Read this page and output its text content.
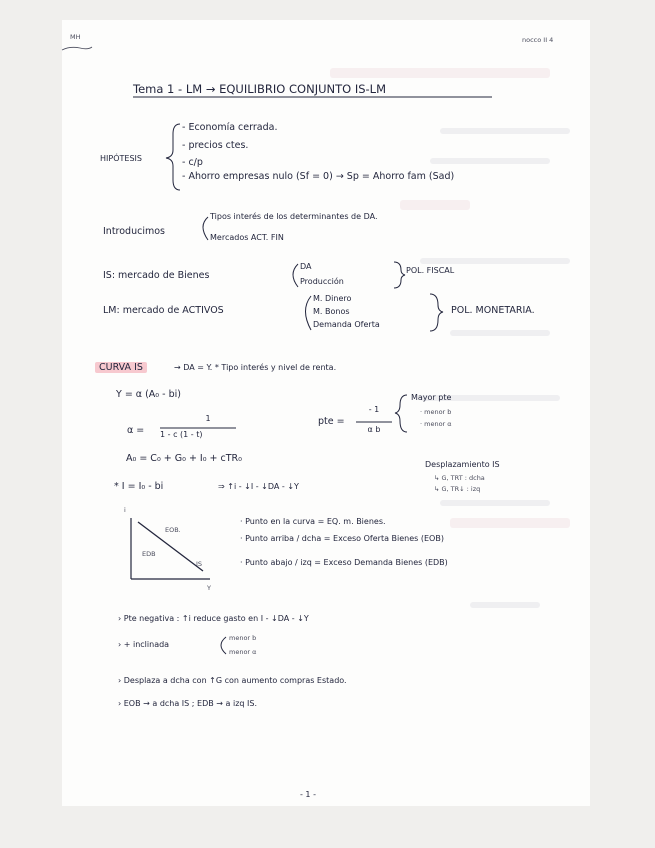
MH	nocco II 4
Tema 1 - LM → EQUILIBRIO CONJUNTO IS-LM
HIPÓTESIS
- Economía cerrada.
- precios ctes.
- c/p
- Ahorro empresas nulo (Sf = 0) → Sp = Ahorro fam (Sad)
Introducimos
Tipos interés de los determinantes de DA.
Mercados ACT. FIN
IS: mercado de Bienes
DA
Producción
POL. FISCAL
LM: mercado de ACTIVOS
M. Dinero
M. Bonos
Demanda Oferta
POL. MONETARIA.
CURVA IS	→ DA = Y. * Tipo interés y nivel de renta.
Y = α (A₀ - bi)
α =
1
1 - c (1 - t)
pte =
- 1
α b
Mayor pte
· menor b
· menor α
A₀ = C₀ + G₀ + I₀ + cTR₀
Desplazamiento IS
↳ G, TRT : dcha
↳ G, TR↓ : izq
* I = I₀ - bi	⇒ ↑i - ↓I - ↓DA - ↓Y
i
Y
EOB.
EDB
IS
· Punto en la curva = EQ. m. Bienes.
· Punto arriba / dcha = Exceso Oferta Bienes (EOB)
· Punto abajo / izq = Exceso Demanda Bienes (EDB)
› Pte negativa : ↑i reduce gasto en I - ↓DA - ↓Y
› + inclinada
menor b
menor α
› Desplaza a dcha con ↑G con aumento compras Estado.
› EOB → a dcha IS ; EDB → a izq IS.
- 1 -
